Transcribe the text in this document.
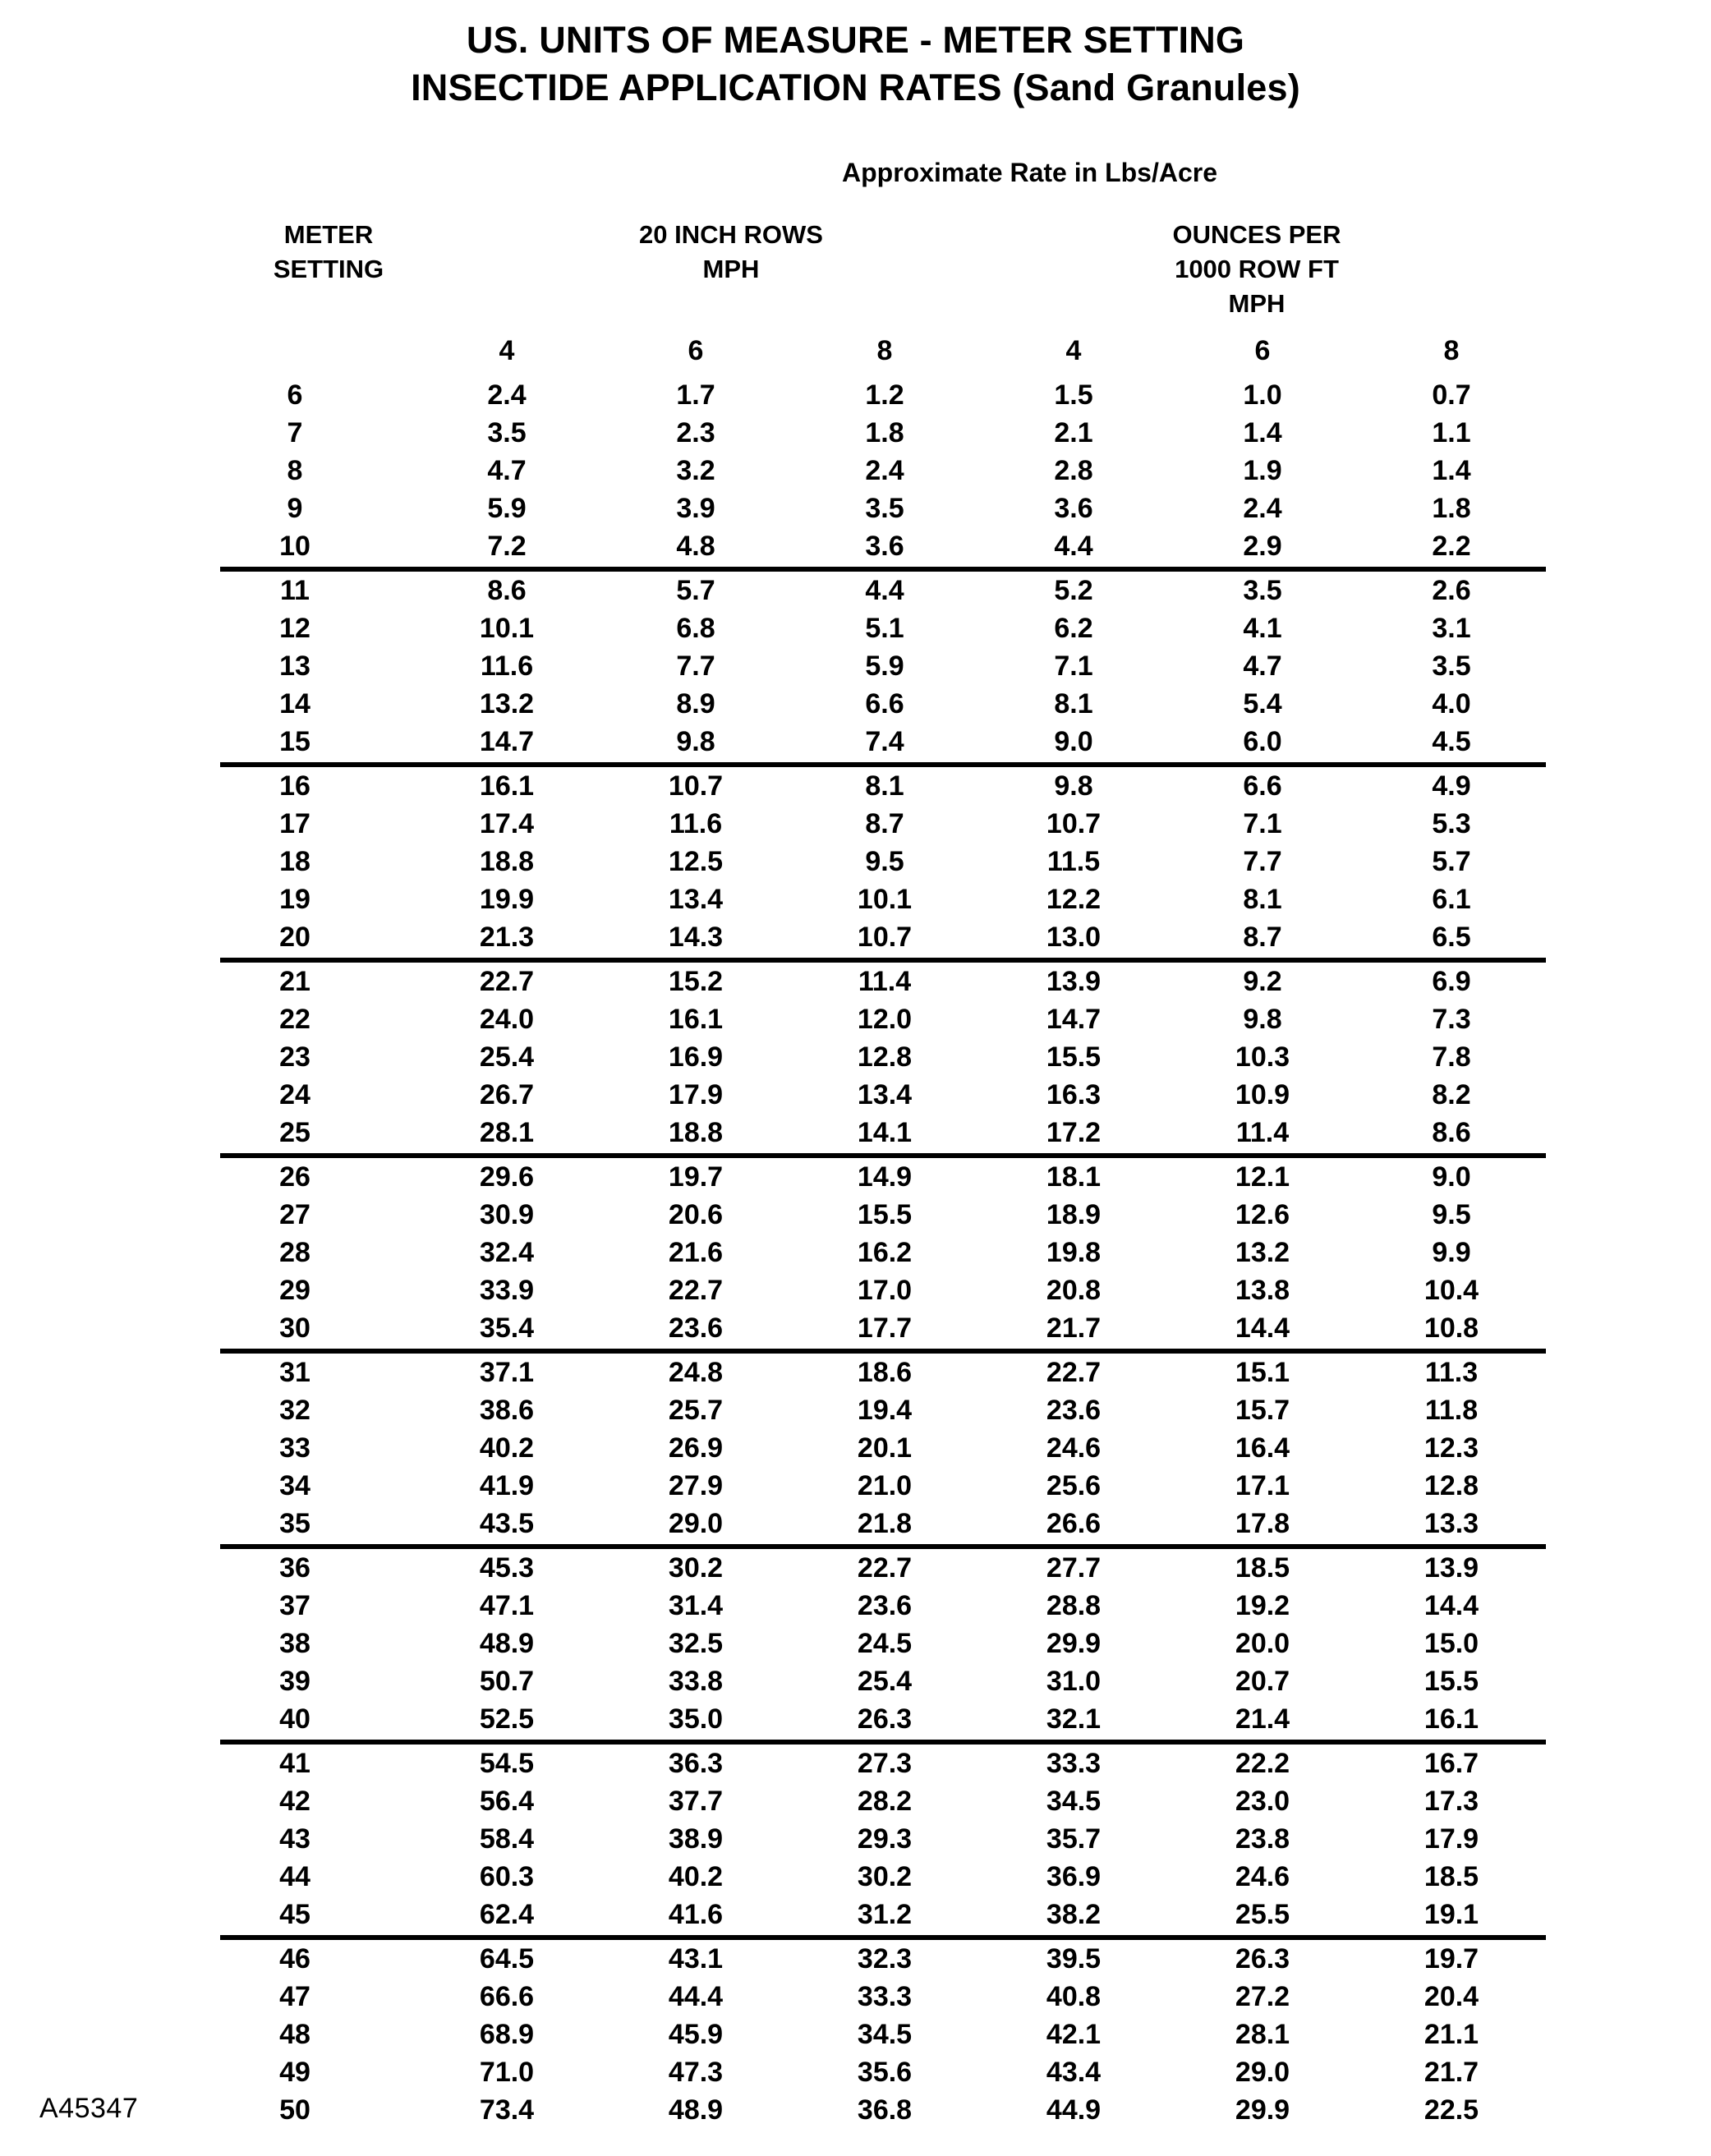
US. UNITS OF MEASURE - METER SETTING
INSECTIDE APPLICATION RATES (Sand Granules)
Approximate Rate in Lbs/Acre
METER
SETTING
20 INCH ROWS
MPH
OUNCES PER
1000 ROW FT
MPH
	4	6	8	4	6	8
6	2.4	1.7	1.2	1.5	1.0	0.7
7	3.5	2.3	1.8	2.1	1.4	1.1
8	4.7	3.2	2.4	2.8	1.9	1.4
9	5.9	3.9	3.5	3.6	2.4	1.8
10	7.2	4.8	3.6	4.4	2.9	2.2
11	8.6	5.7	4.4	5.2	3.5	2.6
12	10.1	6.8	5.1	6.2	4.1	3.1
13	11.6	7.7	5.9	7.1	4.7	3.5
14	13.2	8.9	6.6	8.1	5.4	4.0
15	14.7	9.8	7.4	9.0	6.0	4.5
16	16.1	10.7	8.1	9.8	6.6	4.9
17	17.4	11.6	8.7	10.7	7.1	5.3
18	18.8	12.5	9.5	11.5	7.7	5.7
19	19.9	13.4	10.1	12.2	8.1	6.1
20	21.3	14.3	10.7	13.0	8.7	6.5
21	22.7	15.2	11.4	13.9	9.2	6.9
22	24.0	16.1	12.0	14.7	9.8	7.3
23	25.4	16.9	12.8	15.5	10.3	7.8
24	26.7	17.9	13.4	16.3	10.9	8.2
25	28.1	18.8	14.1	17.2	11.4	8.6
26	29.6	19.7	14.9	18.1	12.1	9.0
27	30.9	20.6	15.5	18.9	12.6	9.5
28	32.4	21.6	16.2	19.8	13.2	9.9
29	33.9	22.7	17.0	20.8	13.8	10.4
30	35.4	23.6	17.7	21.7	14.4	10.8
31	37.1	24.8	18.6	22.7	15.1	11.3
32	38.6	25.7	19.4	23.6	15.7	11.8
33	40.2	26.9	20.1	24.6	16.4	12.3
34	41.9	27.9	21.0	25.6	17.1	12.8
35	43.5	29.0	21.8	26.6	17.8	13.3
36	45.3	30.2	22.7	27.7	18.5	13.9
37	47.1	31.4	23.6	28.8	19.2	14.4
38	48.9	32.5	24.5	29.9	20.0	15.0
39	50.7	33.8	25.4	31.0	20.7	15.5
40	52.5	35.0	26.3	32.1	21.4	16.1
41	54.5	36.3	27.3	33.3	22.2	16.7
42	56.4	37.7	28.2	34.5	23.0	17.3
43	58.4	38.9	29.3	35.7	23.8	17.9
44	60.3	40.2	30.2	36.9	24.6	18.5
45	62.4	41.6	31.2	38.2	25.5	19.1
46	64.5	43.1	32.3	39.5	26.3	19.7
47	66.6	44.4	33.3	40.8	27.2	20.4
48	68.9	45.9	34.5	42.1	28.1	21.1
49	71.0	47.3	35.6	43.4	29.0	21.7
50	73.4	48.9	36.8	44.9	29.9	22.5
A45347
